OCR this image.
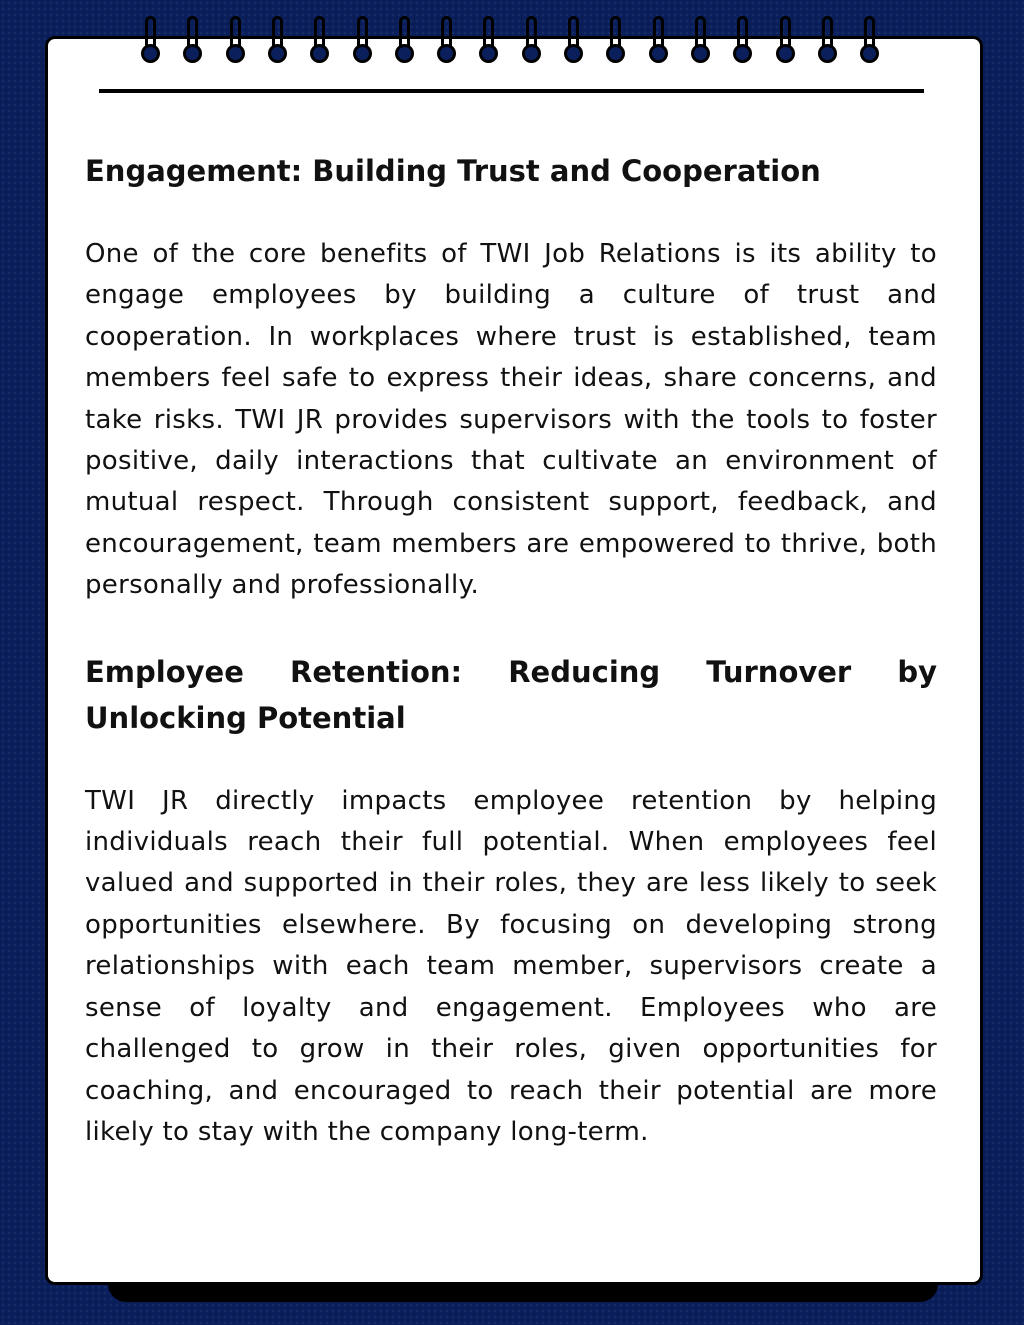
Engagement: Building Trust and Cooperation

One of the core benefits of TWI Job Relations is its ability to engage employees by building a culture of trust and cooperation. In workplaces where trust is established, team members feel safe to express their ideas, share concerns, and take risks. TWI JR provides supervisors with the tools to foster positive, daily interactions that cultivate an environment of mutual respect. Through consistent support, feedback, and encouragement, team members are empowered to thrive, both personally and professionally.

Employee Retention: Reducing Turnover by Unlocking Potential

TWI JR directly impacts employee retention by helping individuals reach their full potential. When employees feel valued and supported in their roles, they are less likely to seek opportunities elsewhere. By focusing on developing strong relationships with each team member, supervisors create a sense of loyalty and engagement. Employees who are challenged to grow in their roles, given opportunities for coaching, and encouraged to reach their potential are more likely to stay with the company long-term.
